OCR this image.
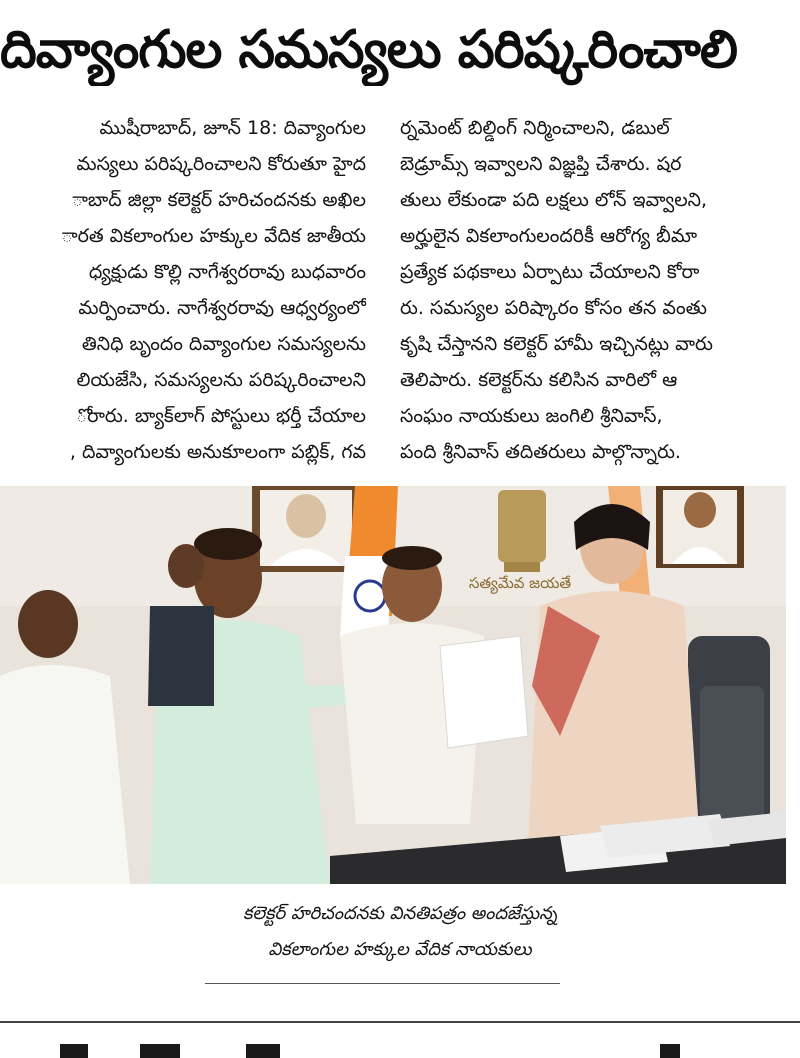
దివ్యాంగుల సమస్యలు పరిష్కరించాలి
ముషీరాబాద్, జూన్ 18: దివ్యాంగుల
మస్యలు పరిష్కరించాలని కోరుతూ హైద
ాబాద్ జిల్లా కలెక్టర్ హరిచందనకు అఖిల
ారత వికలాంగుల హక్కుల వేదిక జాతీయ
ధ్యక్షుడు కొల్లి నాగేశ్వరరావు బుధవారం
మర్పించారు. నాగేశ్వరరావు ఆధ్వర్యంలో
తినిధి బృందం దివ్యాంగుల సమస్యలను
లియజేసి, సమస్యలను పరిష్కరించాలని
ోరారు. బ్యాక్‌లాగ్ పోస్టులు భర్తీ చేయాల
, దివ్యాంగులకు అనుకూలంగా పబ్లిక్, గవ
ర్నమెంట్ బిల్డింగ్ నిర్మించాలని, డబుల్
బెడ్రూమ్స్ ఇవ్వాలని విజ్ఞప్తి చేశారు. షర
తులు లేకుండా పది లక్షలు లోన్ ఇవ్వాలని,
అర్హులైన వికలాంగులందరికీ ఆరోగ్య బీమా
ప్రత్యేక పథకాలు ఏర్పాటు చేయాలని కోరా
రు. సమస్యల పరిష్కారం కోసం తన వంతు
కృషి చేస్తానని కలెక్టర్ హామీ ఇచ్చినట్లు వారు
తెలిపారు. కలెక్టర్‌ను కలిసిన వారిలో ఆ
సంఘం నాయకులు జంగిలి శ్రీనివాస్,
పంది శ్రీనివాస్ తదితరులు పాల్గొన్నారు.
సత్యమేవ జయతే
కలెక్టర్ హరిచందనకు వినతిపత్రం అందజేస్తున్న
వికలాంగుల హక్కుల వేదిక నాయకులు
